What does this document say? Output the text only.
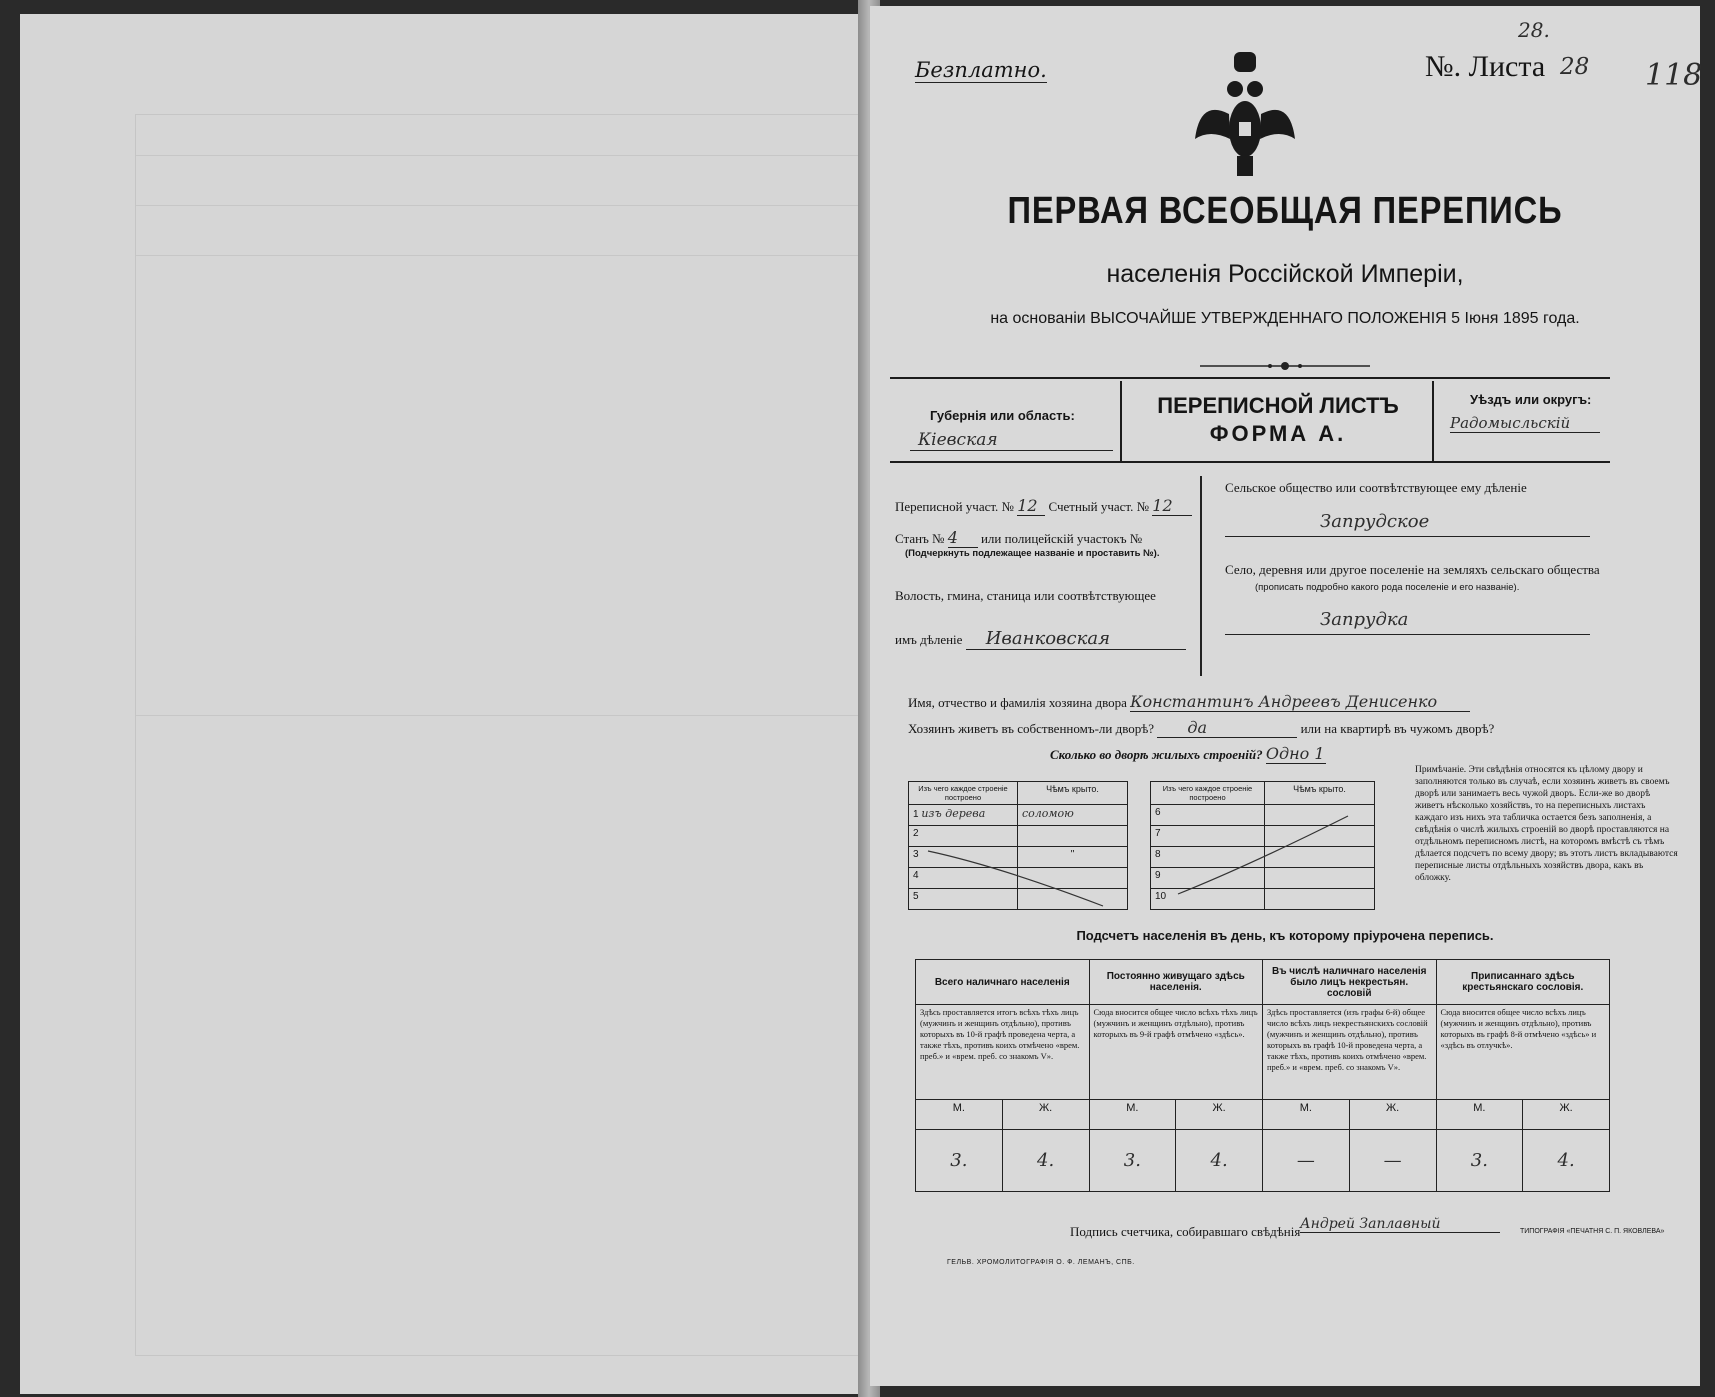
28.
Безплатно.	№. Листа 28 118
ПЕРВАЯ ВСЕОБЩАЯ ПЕРЕПИСЬ
населенія Россійской Имперіи,
на основаніи ВЫСОЧАЙШЕ УТВЕРЖДЕННАГО ПОЛОЖЕНІЯ 5 Іюня 1895 года.
Губернія или область:
Кіевская
ПЕРЕПИСНОЙ ЛИСТЪ
ФОРМА А.
Уѣздъ или округъ:
Радомысльскій
Переписной участ. № 12 Счетный участ. № 12
Станъ № 4 или полицейскій участокъ №
(Подчеркнуть подлежащее названіе и проставить №).
Волость, гмина, станица или соотвѣтствующее
имъ дѣленіе Иванковская
Сельское общество или соотвѣтствующее ему дѣленіе
Запрудское
Село, деревня или другое поселеніе на земляхъ сельскаго общества
(прописать подробно какого рода поселеніе и его названіе).
Запрудка
Имя, отчество и фамилія хозяина двора Константинъ Андреевъ Денисенко
Хозяинъ живетъ въ собственномъ-ли дворѣ? да	или на квартирѣ въ чужомъ дворѣ?
Сколько во дворѣ жилыхъ строеній? Одно 1
Изъ чего каждое строеніе построено	Чѣмъ крыто.
1 изъ дерева	соломою
2	
3	"
4	
5	
Изъ чего каждое строеніе построено	Чѣмъ крыто.
6	
7	
8	
9	
10	
Примѣчаніе. Эти свѣдѣнія относятся къ цѣлому двору и заполняются только въ случаѣ, если хозяинъ живетъ въ своемъ дворѣ или занимаетъ весь чужой дворъ. Если-же во дворѣ живетъ нѣсколько хозяйствъ, то на переписныхъ листахъ каждаго изъ нихъ эта табличка остается безъ заполненія, а свѣдѣнія о числѣ жилыхъ строеній во дворѣ проставляются на отдѣльномъ переписномъ листѣ, на которомъ вмѣстѣ съ тѣмъ дѣлается подсчетъ по всему двору; въ этотъ листъ вкладываются переписные листы отдѣльныхъ хозяйствъ двора, какъ въ обложку.
Подсчетъ населенія въ день, къ которому пріурочена перепись.
Всего наличнаго населенія		Постоянно живущаго здѣсь населенія.		Въ числѣ наличнаго населенія было лицъ некрестьян. сословій		Приписаннаго здѣсь крестьянскаго сословія.	
Здѣсь проставляется итогъ всѣхъ тѣхъ лицъ (мужчинъ и женщинъ отдѣльно), противъ которыхъ въ 10-й графѣ проведена черта, а также тѣхъ, противъ коихъ отмѣчено «врем. преб.» и «врем. преб. со знакомъ V».		Сюда вносится общее число всѣхъ тѣхъ лицъ (мужчинъ и женщинъ отдѣльно), противъ которыхъ въ 9-й графѣ отмѣчено «здѣсь».		Здѣсь проставляется (изъ графы 6-й) общее число всѣхъ лицъ некрестьянскихъ сословій (мужчинъ и женщинъ отдѣльно), противъ которыхъ въ графѣ 10-й проведена черта, а также тѣхъ, противъ коихъ отмѣчено «врем. преб.» и «врем. преб. со знакомъ V».		Сюда вносится общее число всѣхъ лицъ (мужчинъ и женщинъ отдѣльно), противъ которыхъ въ графѣ 8-й отмѣчено «здѣсь» и «здѣсь въ отлучкѣ».	
М.	Ж.	М.	Ж.	М.	Ж.	М.	Ж.
3.	4.	3.	4.	—	—	3.	4.
Подпись счетчика, собиравшаго свѣдѣнія Андрей Заплавный	ТИПОГРАФІЯ «ПЕЧАТНЯ С. П. ЯКОВЛЕВА»
ГЕЛЬВ. ХРОМОЛИТОГРАФІЯ О. Ф. ЛЕМАНЪ, СПБ.
